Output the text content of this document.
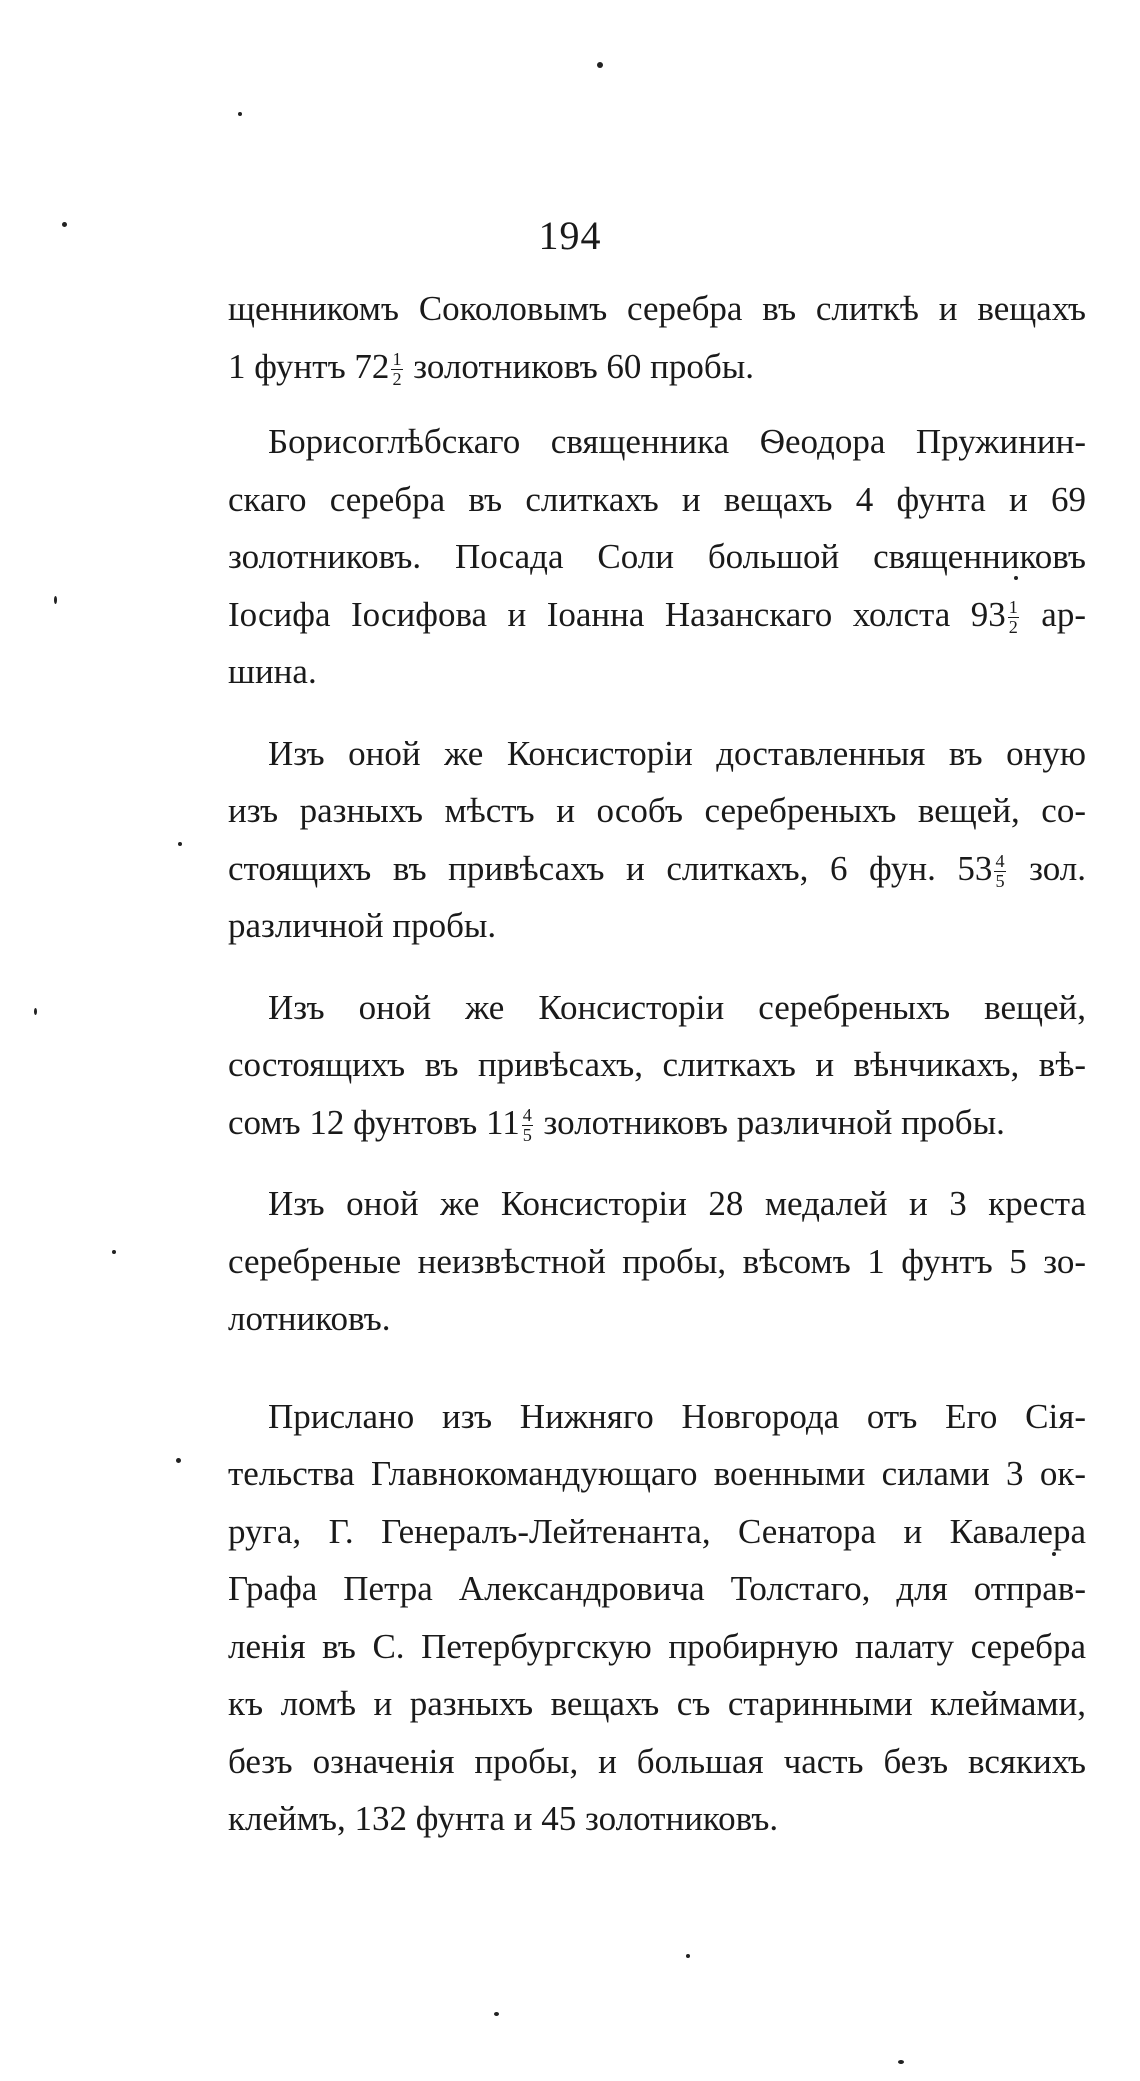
194
щенникомъ Соколовымъ серебра въ слиткѣ и вещахъ
1 фунтъ $72 \frac{1}{2}$ золотниковъ 60 пробы.
Борисоглѣбскаго священника Ѳеодора Пружинин-
скаго серебра въ слиткахъ и вещахъ 4 фунта и 69
золотниковъ. Посада Соли большой священниковъ
Іосифа Іосифова и Іоанна Назанскаго холста $93 \frac{1}{2} ар-$
шина.
Изъ оной же Консисторіи доставленныя въ оную
изъ разныхъ мѣстъ и особъ серебреныхъ вещей, со-
стоящихъ въ привѣсахъ и слиткахъ, 6 фун. $53 \frac{4}{5}$ зол.
различной пробы.
Изъ оной же Консисторіи серебреныхъ вещей,
состоящихъ въ привѣсахъ, слиткахъ и вѣнчикахъ, вѣ-
сомъ 12 фунтовъ $11 \frac{4}{5}$ золотниковъ различной пробы.
Изъ оной же Консисторіи 28 медалей и 3 креста
серебреные неизвѣстной пробы, вѣсомъ 1 фунтъ 5 зо-
лотниковъ.
Прислано изъ Нижняго Новгорода отъ Его Сія-
тельства Главнокомандующаго военными силами 3 ок-
руга, Г. Генералъ-Лейтенанта, Сенатора и Кавалера
Графа Петра Александровича Толстаго, для отправ-
ленія въ С. Петербургскую пробирную палату серебра
къ ломѣ и разныхъ вещахъ съ старинными клеймами,
безъ означенія пробы, и большая часть безъ всякихъ
клеймъ, 132 фунта и 45 золотниковъ.
